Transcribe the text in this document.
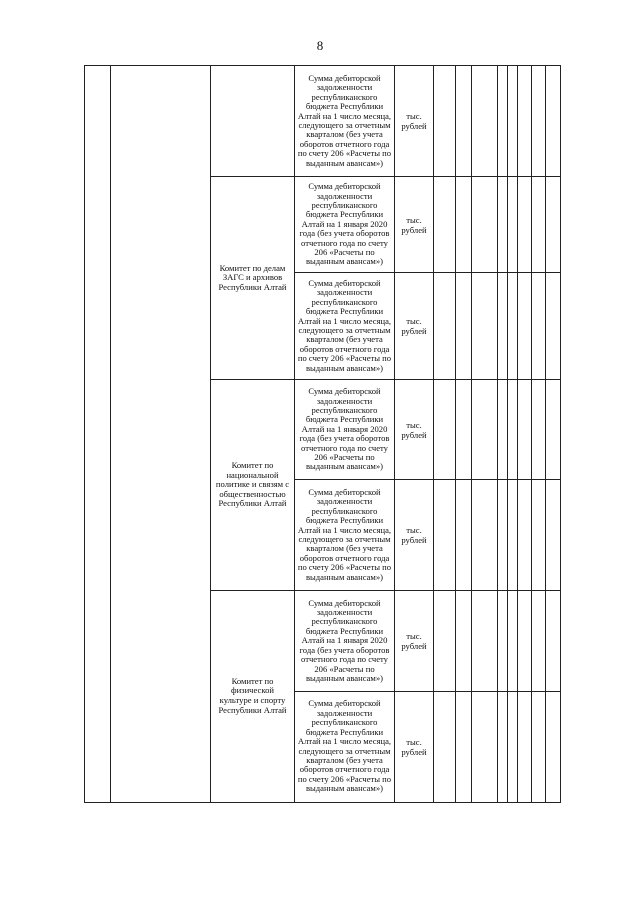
8
Сумма дебиторской задолженности республиканского бюджета Республики Алтай на 1 число месяца, следующего за отчетным кварталом (без учета оборотов отчетного года по счету 206 «Расчеты по выданным авансам»)
тыс. рублей
Сумма дебиторской задолженности республиканского бюджета Республики Алтай на 1 января 2020 года (без учета оборотов отчетного года по счету 206 «Расчеты по выданным авансам»)
тыс. рублей
Сумма дебиторской задолженности республиканского бюджета Республики Алтай на 1 число месяца, следующего за отчетным кварталом (без учета оборотов отчетного года по счету 206 «Расчеты по выданным авансам»)
тыс. рублей
Сумма дебиторской задолженности республиканского бюджета Республики Алтай на 1 января 2020 года (без учета оборотов отчетного года по счету 206 «Расчеты по выданным авансам»)
тыс. рублей
Сумма дебиторской задолженности республиканского бюджета Республики Алтай на 1 число месяца, следующего за отчетным кварталом (без учета оборотов отчетного года по счету 206 «Расчеты по выданным авансам»)
тыс. рублей
Сумма дебиторской задолженности республиканского бюджета Республики Алтай на 1 января 2020 года (без учета оборотов отчетного года по счету 206 «Расчеты по выданным авансам»)
тыс. рублей
Сумма дебиторской задолженности республиканского бюджета Республики Алтай на 1 число месяца, следующего за отчетным кварталом (без учета оборотов отчетного года по счету 206 «Расчеты по выданным авансам»)
тыс. рублей
Комитет по делам ЗАГС и архивов Республики Алтай
Комитет по национальной политике и связям с общественностью Республики Алтай
Комитет по физической культуре и спорту Республики Алтай
